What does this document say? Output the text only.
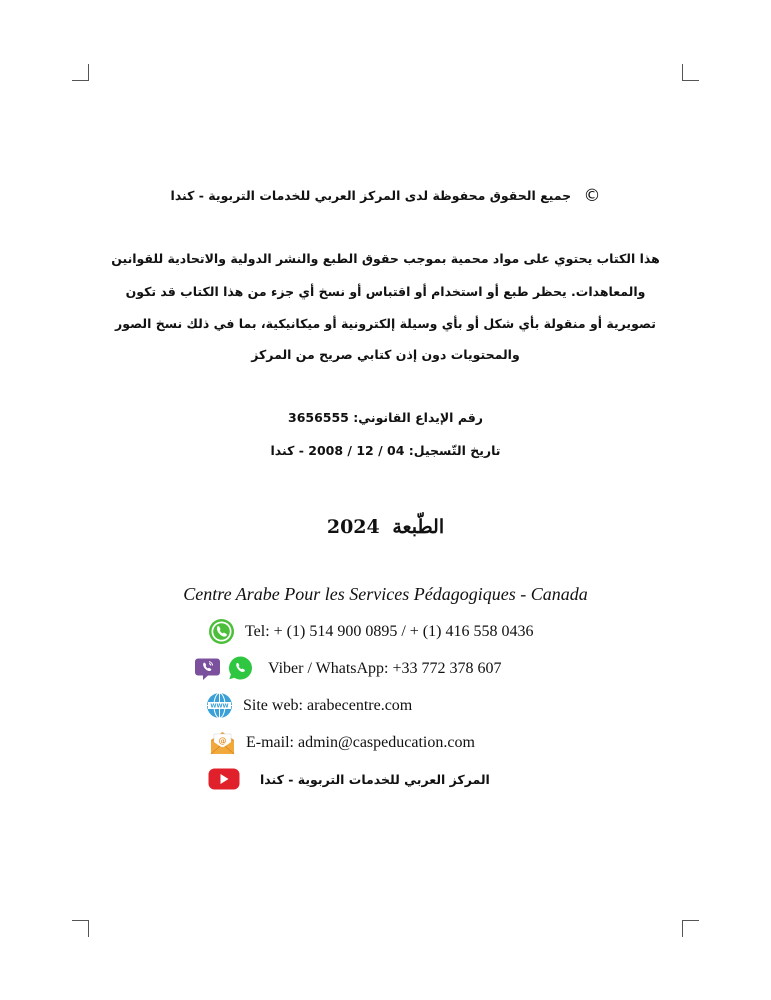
© جميع الحقوق محفوظة لدى المركز العربي للخدمات التربوية - كندا
هذا الكتاب يحتوي على مواد محمية بموجب حقوق الطبع والنشر الدولية والاتحادية للقوانين
والمعاهدات. يحظر طبع أو استخدام أو اقتباس أو نسخ أي جزء من هذا الكتاب قد تكون
تصويرية أو منقولة بأي شكل أو بأي وسيلة إلكترونية أو ميكانيكية، بما في ذلك نسخ الصور
والمحتويات دون إذن كتابي صريح من المركز
رقم الإيداع القانوني: 3656555
تاريخ التّسجيل: 04 / 12 / 2008 - كندا
الطّبعة 2024
Centre Arabe Pour les Services Pédagogiques - Canada
Tel: + (1) 514 900 0895 / + (1) 416 558 0436
Viber / WhatsApp: +33 772 378 607
WWW Site web: arabecentre.com
@ E-mail: admin@caspeducation.com
المركز العربي للخدمات التربوية - كندا
